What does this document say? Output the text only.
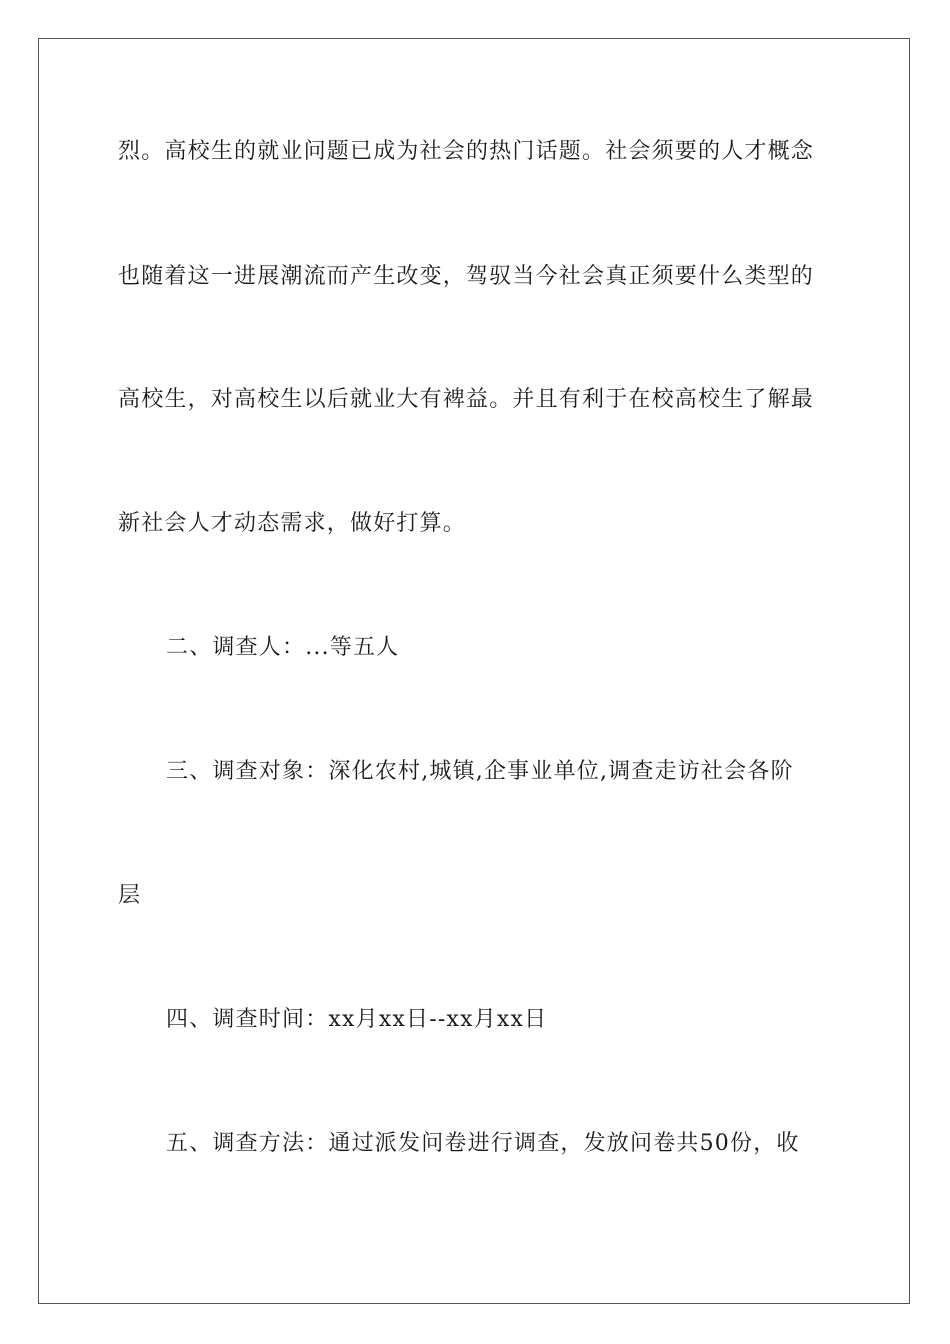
烈。高校生的就业问题已成为社会的热门话题。社会须要的人才概念
也随着这一进展潮流而产生改变，驾驭当今社会真正须要什么类型的
高校生，对高校生以后就业大有裨益。并且有利于在校高校生了解最
新社会人才动态需求，做好打算。
二、调查人：...等五人
三、调查对象：深化农村,城镇,企事业单位,调查走访社会各阶
层
四、调查时间：xx月xx日--xx月xx日
五、调查方法：通过派发问卷进行调查，发放问卷共50份，收
